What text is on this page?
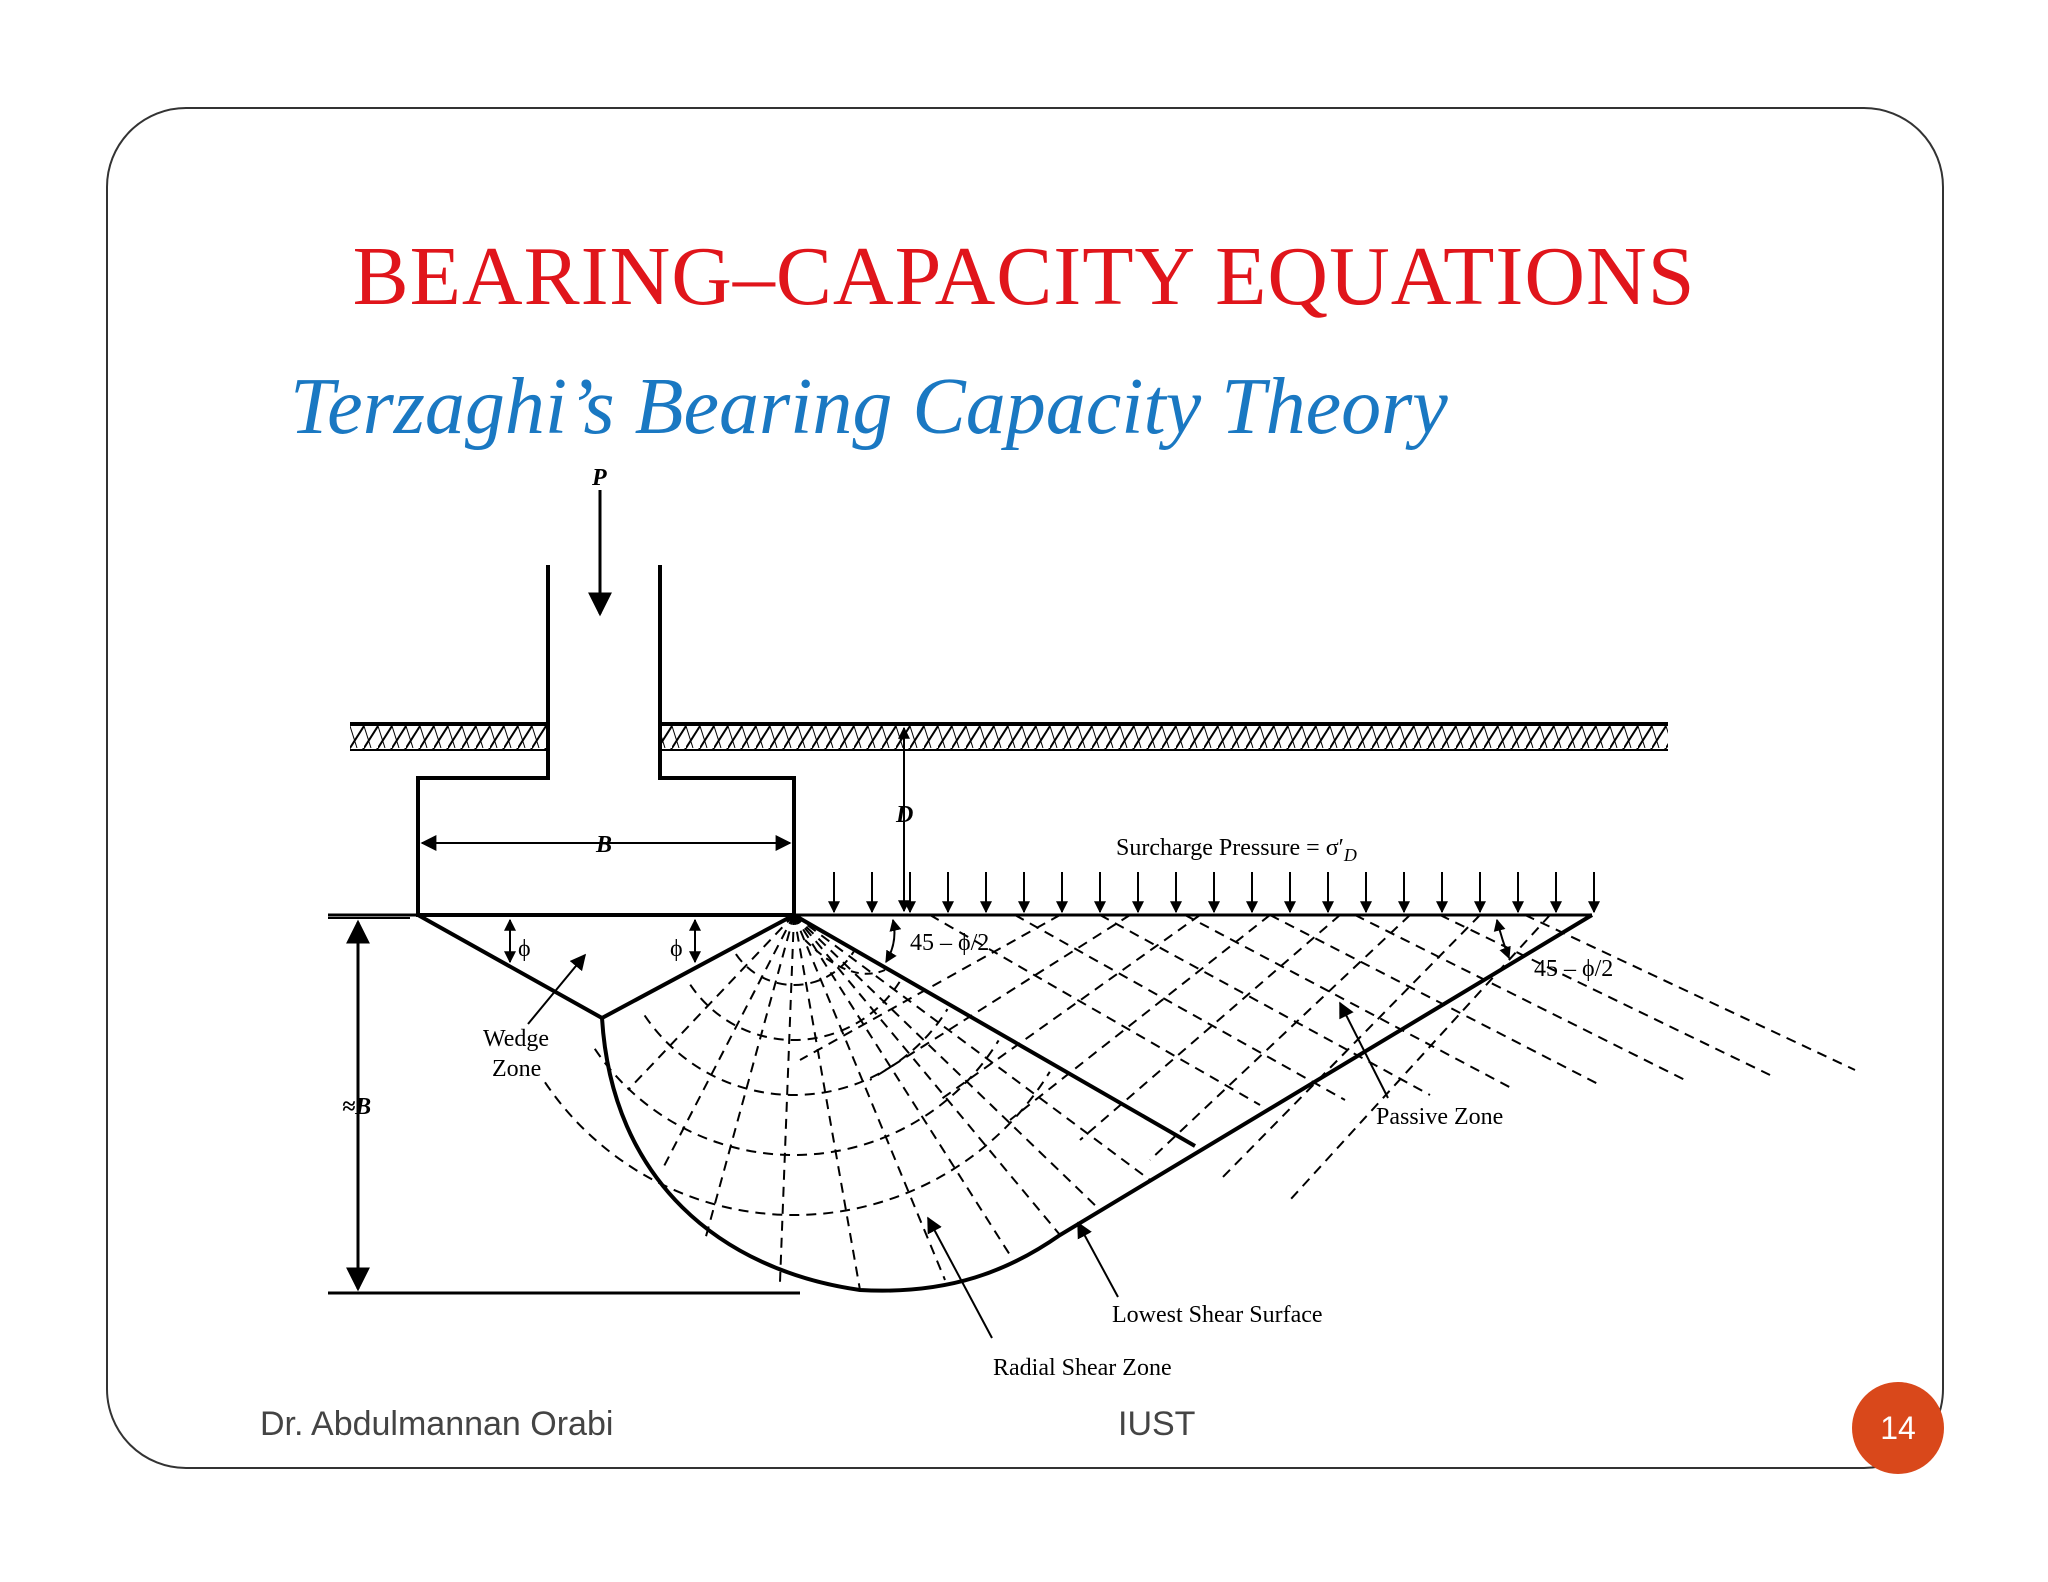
BEARING–CAPACITY EQUATIONS
Terzaghi’s Bearing Capacity Theory
P
B
D
Surcharge Pressure = $\sigma'_D$
ϕ	ϕ	45 – ϕ/2
45 – ϕ/2
Wedge
Zone
≈B	Passive Zone
Lowest Shear Surface
Radial Shear Zone
Dr. Abdulmannan Orabi	IUST	14
